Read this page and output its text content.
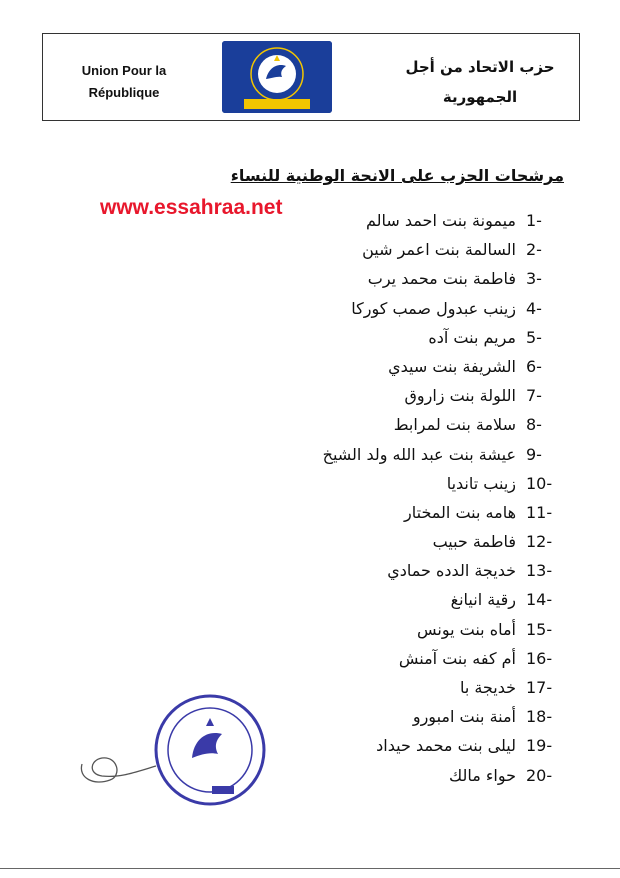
Union Pour la
République
حزب الاتحاد من أجل
الجمهورية
مرشحات الحزب على الانحة الوطنية للنساء
www.essahraa.net
1-ميمونة بنت احمد سالم
2-السالمة بنت اعمر شين
3-فاطمة بنت محمد يرب
4-زينب عبدول صمب كوركا
5-مريم بنت آده
6-الشريفة بنت سيدي
7-اللولة بنت زاروق
8-سلامة بنت لمرابط
9-عيشة بنت عبد الله ولد الشيخ
10-زينب تانديا
11-هامه بنت المختار
12-فاطمة حبيب
13-خديجة الدده حمادي
14-رقية انيانغ
15-أماه بنت يونس
16-أم كفه بنت آمنش
17-خديجة با
18-أمنة بنت امبورو
19-ليلى بنت محمد حيداد
20-حواء مالك
